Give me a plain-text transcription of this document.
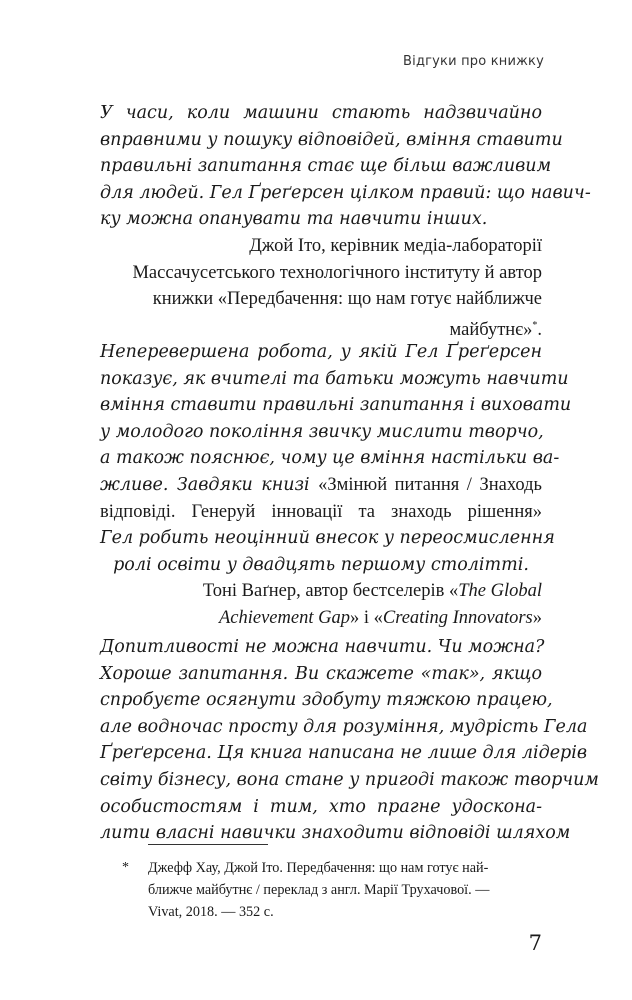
Відгуки про книжку
У часи, коли машини стають надзвичайно
вправними у пошуку відповідей, вміння ставити
правильні запитання стає ще більш важливим
для людей. Гел Ґреґерсен цілком правий: що навич-
ку можна опанувати та навчити інших.
Джой Іто, керівник медіа-лабораторії
Массачусетського технологічного інституту й автор
книжки «Передбачення: що нам готує найближче
майбутнє»*.
Неперевершена робота, у якій Гел Ґреґерсен
показує, як вчителі та батьки можуть навчити
вміння ставити правильні запитання і виховати
у молодого покоління звичку мислити творчо,
а також пояснює, чому це вміння настільки ва-
жливе. Завдяки книзі «Змінюй питання / Знаходь
відповіді. Генеруй інновації та знаходь рішення»
Гел робить неоцінний внесок у переосмислення
ролі освіти у двадцять першому столітті.
Тоні Ваґнер, автор бестселерів «The Global
Achievement Gap» і «Creating Innovators»
Допитливості не можна навчити. Чи можна?
Хороше запитання. Ви скажете «так», якщо
спробуєте осягнути здобуту тяжкою працею,
але водночас просту для розуміння, мудрість Гела
Ґреґерсена. Ця книга написана не лише для лідерів
світу бізнесу, вона стане у пригоді також творчим
особистостям і тим, хто прагне удоскона-
лити власні навички знаходити відповіді шляхом
* Джефф Хау, Джой Іто. Передбачення: що нам готує най-
ближче майбутнє / переклад з англ. Марії Трухачової. —
Vivat, 2018. — 352 с.
7
